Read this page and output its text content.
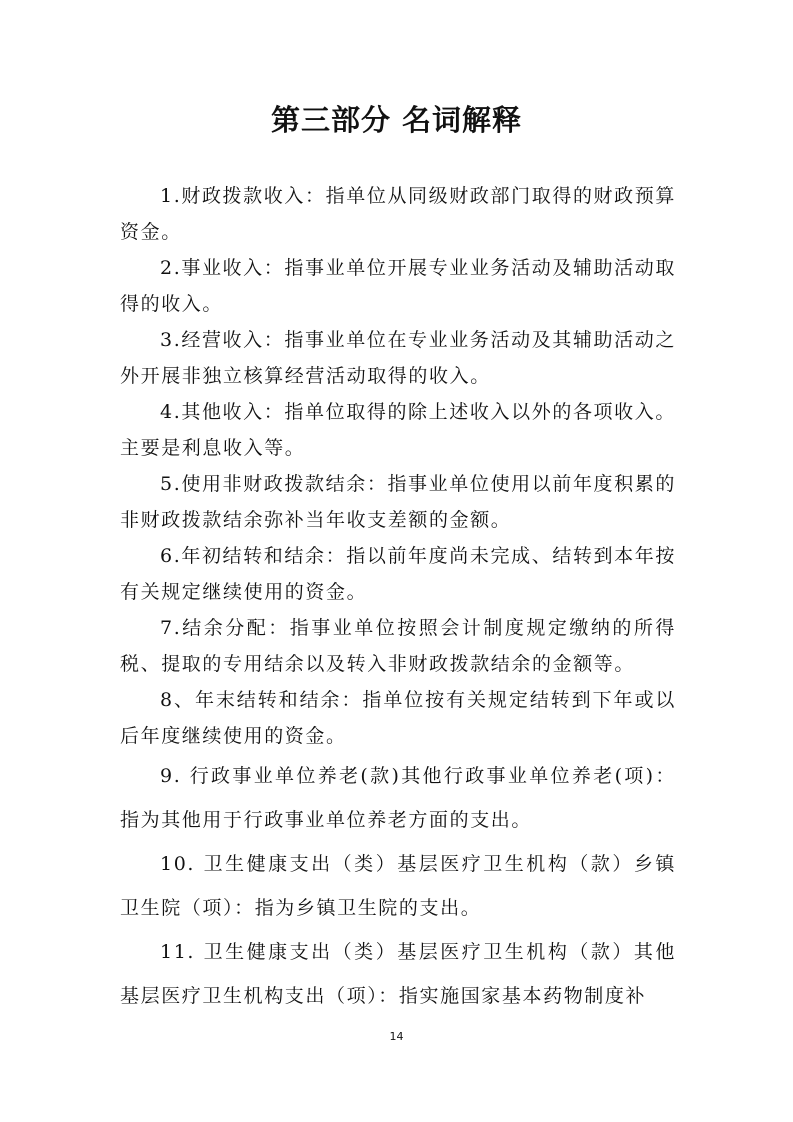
第三部分 名词解释

1.财政拨款收入：指单位从同级财政部门取得的财政预算资金。

2.事业收入：指事业单位开展专业业务活动及辅助活动取得的收入。

3.经营收入：指事业单位在专业业务活动及其辅助活动之外开展非独立核算经营活动取得的收入。

4.其他收入：指单位取得的除上述收入以外的各项收入。主要是利息收入等。

5.使用非财政拨款结余：指事业单位使用以前年度积累的非财政拨款结余弥补当年收支差额的金额。

6.年初结转和结余：指以前年度尚未完成、结转到本年按有关规定继续使用的资金。

7.结余分配：指事业单位按照会计制度规定缴纳的所得税、提取的专用结余以及转入非财政拨款结余的金额等。

8、年末结转和结余：指单位按有关规定结转到下年或以后年度继续使用的资金。

9. 行政事业单位养老(款)其他行政事业单位养老(项)：指为其他用于行政事业单位养老方面的支出。

10. 卫生健康支出（类）基层医疗卫生机构（款）乡镇卫生院（项）：指为乡镇卫生院的支出。

11. 卫生健康支出（类）基层医疗卫生机构（款）其他基层医疗卫生机构支出（项）：指实施国家基本药物制度补

14
